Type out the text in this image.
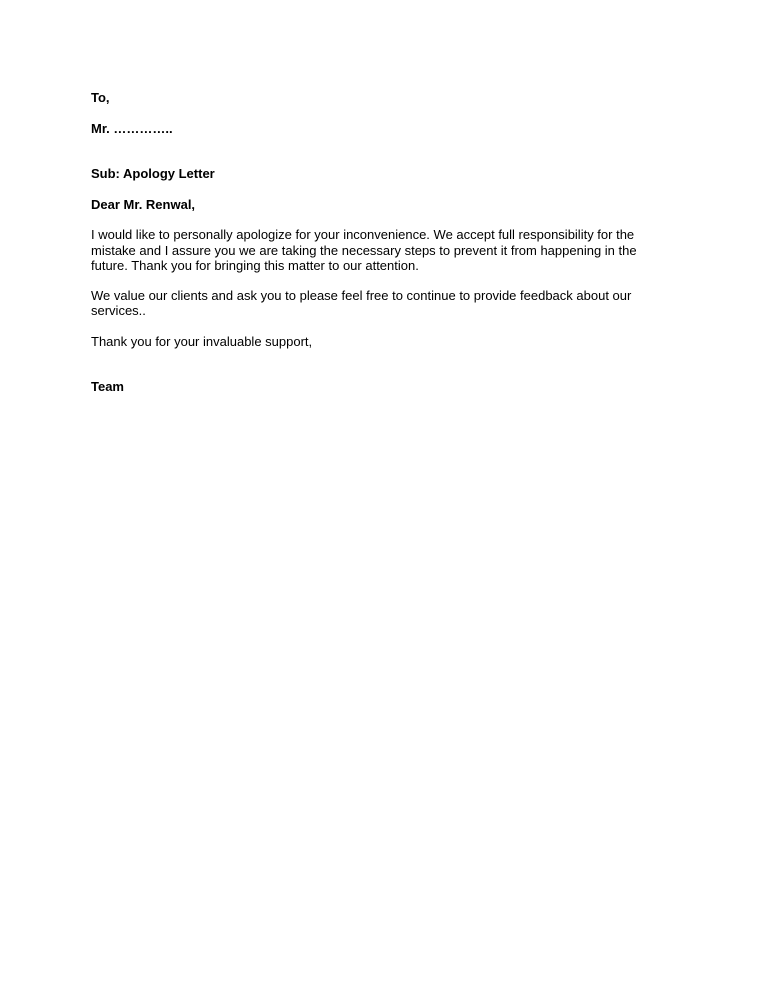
To,

Mr. …………..

Sub: Apology Letter

Dear Mr. Renwal,

I would like to personally apologize for your inconvenience. We accept full responsibility for the mistake and I assure you we are taking the necessary steps to prevent it from happening in the future. Thank you for bringing this matter to our attention.

We value our clients and ask you to please feel free to continue to provide feedback about our services..

Thank you for your invaluable support,

Team
